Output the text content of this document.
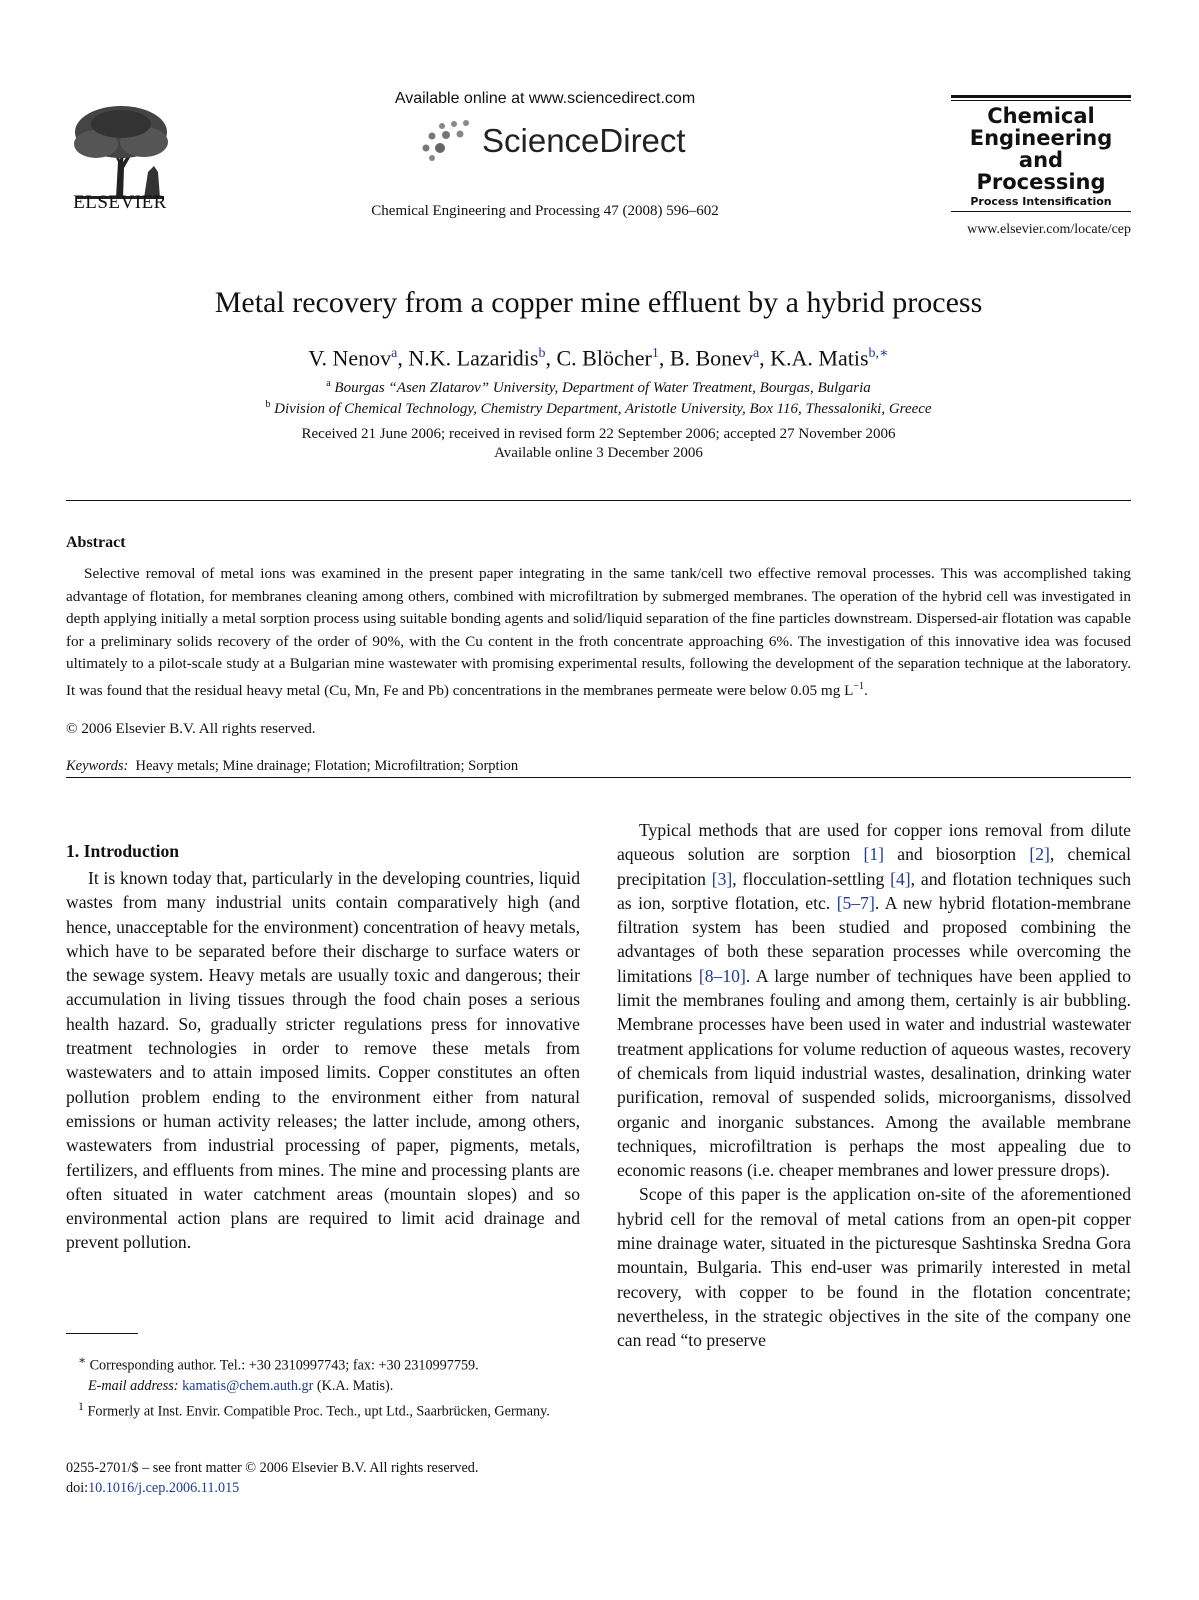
ELSEVIER
Available online at www.sciencedirect.com
ScienceDirect
Chemical Engineering and Processing 47 (2008) 596–602
Chemical
Engineering
and
Processing
Process Intensification
www.elsevier.com/locate/cep
Metal recovery from a copper mine effluent by a hybrid process
V. Nenov$^a$, N.K. Lazaridis$^b$, C. Blöcher$^1$, B. Bonev$^a$, K.A. Matis$^{b,∗}$
$^a$ Bourgas “Asen Zlatarov” University, Department of Water Treatment, Bourgas, Bulgaria
$^b$ Division of Chemical Technology, Chemistry Department, Aristotle University, Box 116, Thessaloniki, Greece
Received 21 June 2006; received in revised form 22 September 2006; accepted 27 November 2006
Available online 3 December 2006
Abstract
Selective removal of metal ions was examined in the present paper integrating in the same tank/cell two effective removal processes. This was accomplished taking advantage of flotation, for membranes cleaning among others, combined with microfiltration by submerged membranes. The operation of the hybrid cell was investigated in depth applying initially a metal sorption process using suitable bonding agents and solid/liquid separation of the fine particles downstream. Dispersed-air flotation was capable for a preliminary solids recovery of the order of 90%, with the Cu content in the froth concentrate approaching 6%. The investigation of this innovative idea was focused ultimately to a pilot-scale study at a Bulgarian mine wastewater with promising experimental results, following the development of the separation technique at the laboratory. It was found that the residual heavy metal (Cu, Mn, Fe and Pb) concentrations in the membranes permeate were below 0.05 mg $L^{-1}$.
© 2006 Elsevier B.V. All rights reserved.
Keywords: Heavy metals; Mine drainage; Flotation; Microfiltration; Sorption
1. Introduction

It is known today that, particularly in the developing countries, liquid wastes from many industrial units contain comparatively high (and hence, unacceptable for the environment) concentration of heavy metals, which have to be separated before their discharge to surface waters or the sewage system. Heavy metals are usually toxic and dangerous; their accumulation in living tissues through the food chain poses a serious health hazard. So, gradually stricter regulations press for innovative treatment technologies in order to remove these metals from wastewaters and to attain imposed limits. Copper constitutes an often pollution problem ending to the environment either from natural emissions or human activity releases; the latter include, among others, wastewaters from industrial processing of paper, pigments, metals, fertilizers, and effluents from mines. The mine and processing plants are often situated in water catchment areas (mountain slopes) and so environmental action plans are required to limit acid drainage and prevent pollution.

∗ Corresponding author. Tel.: +30 2310997743; fax: +30 2310997759.
E-mail address: kamatis@chem.auth.gr (K.A. Matis).
$^1$ Formerly at Inst. Envir. Compatible Proc. Tech., upt Ltd., Saarbrücken, Germany.
0255-2701/$ – see front matter © 2006 Elsevier B.V. All rights reserved.
doi:10.1016/j.cep.2006.11.015

Typical methods that are used for copper ions removal from dilute aqueous solution are sorption [1] and biosorption [2], chemical precipitation [3], flocculation-settling [4], and flotation techniques such as ion, sorptive flotation, etc. [5–7]. A new hybrid flotation-membrane filtration system has been studied and proposed combining the advantages of both these separation processes while overcoming the limitations [8–10]. A large number of techniques have been applied to limit the membranes fouling and among them, certainly is air bubbling. Membrane processes have been used in water and industrial wastewater treatment applications for volume reduction of aqueous wastes, recovery of chemicals from liquid industrial wastes, desalination, drinking water purification, removal of suspended solids, microorganisms, dissolved organic and inorganic substances. Among the available membrane techniques, microfiltration is perhaps the most appealing due to economic reasons (i.e. cheaper membranes and lower pressure drops).

Scope of this paper is the application on-site of the aforementioned hybrid cell for the removal of metal cations from an open-pit copper mine drainage water, situated in the picturesque Sashtinska Sredna Gora mountain, Bulgaria. This end-user was primarily interested in metal recovery, with copper to be found in the flotation concentrate; nevertheless, in the strategic objectives in the site of the company one can read “to preserve
